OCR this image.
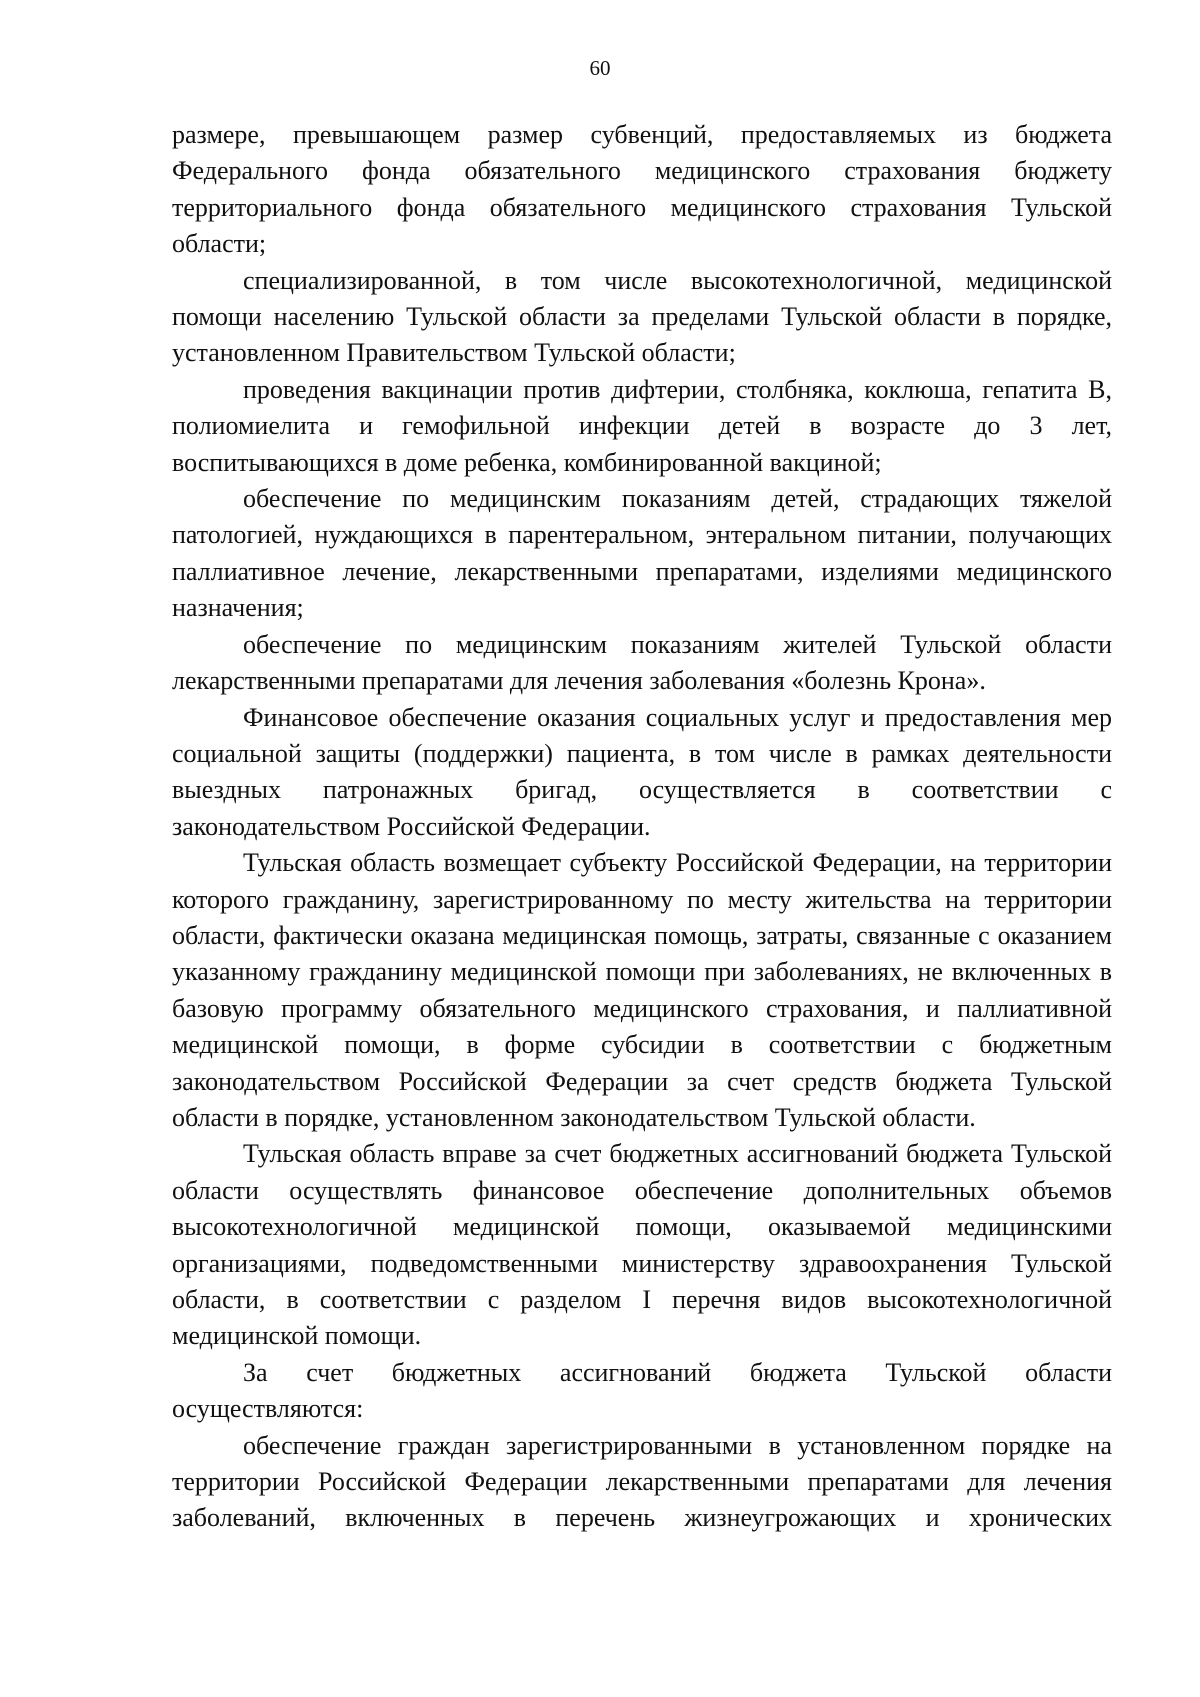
60

размере, превышающем размер субвенций, предоставляемых из бюджета Федерального фонда обязательного медицинского страхования бюджету территориального фонда обязательного медицинского страхования Тульской области;

специализированной, в том числе высокотехнологичной, медицинской помощи населению Тульской области за пределами Тульской области в порядке, установленном Правительством Тульской области;

проведения вакцинации против дифтерии, столбняка, коклюша, гепатита В, полиомиелита и гемофильной инфекции детей в возрасте до 3 лет, воспитывающихся в доме ребенка, комбинированной вакциной;

обеспечение по медицинским показаниям детей, страдающих тяжелой патологией, нуждающихся в парентеральном, энтеральном питании, получающих паллиативное лечение, лекарственными препаратами, изделиями медицинского назначения;

обеспечение по медицинским показаниям жителей Тульской области лекарственными препаратами для лечения заболевания «болезнь Крона».

Финансовое обеспечение оказания социальных услуг и предоставления мер социальной защиты (поддержки) пациента, в том числе в рамках деятельности выездных патронажных бригад, осуществляется в соответствии с законодательством Российской Федерации.

Тульская область возмещает субъекту Российской Федерации, на территории которого гражданину, зарегистрированному по месту жительства на территории области, фактически оказана медицинская помощь, затраты, связанные с оказанием указанному гражданину медицинской помощи при заболеваниях, не включенных в базовую программу обязательного медицинского страхования, и паллиативной медицинской помощи, в форме субсидии в соответствии с бюджетным законодательством Российской Федерации за счет средств бюджета Тульской области в порядке, установленном законодательством Тульской области.

Тульская область вправе за счет бюджетных ассигнований бюджета Тульской области осуществлять финансовое обеспечение дополнительных объемов высокотехнологичной медицинской помощи, оказываемой медицинскими организациями, подведомственными министерству здравоохранения Тульской области, в соответствии с разделом I перечня видов высокотехнологичной медицинской помощи.

За счет бюджетных ассигнований бюджета Тульской области осуществляются:

обеспечение граждан зарегистрированными в установленном порядке на территории Российской Федерации лекарственными препаратами для лечения заболеваний, включенных в перечень жизнеугрожающих и хронических
